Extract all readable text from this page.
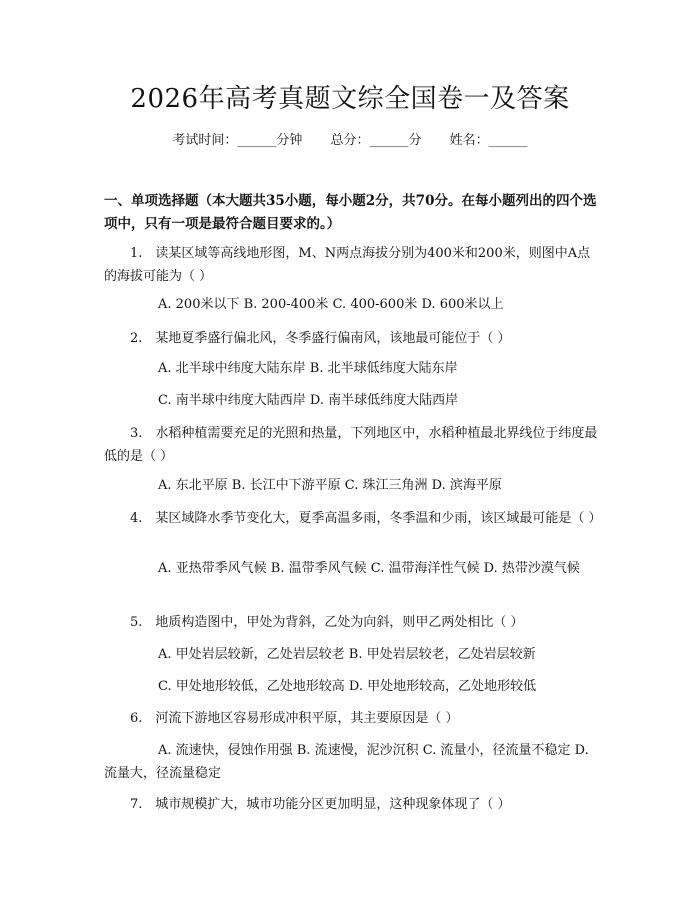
2026年高考真题文综全国卷一及答案
考试时间：______分钟 总分：______分 姓名：______
一、单项选择题（本大题共35小题，每小题2分，共70分。在每小题列出的四个选项中，只有一项是最符合题目要求的。）
1.　读某区域等高线地形图，M、N两点海拔分别为400米和200米，则图中A点的海拔可能为（ ）
A. 200米以下 B. 200-400米 C. 400-600米 D. 600米以上
2.　某地夏季盛行偏北风，冬季盛行偏南风，该地最可能位于（ ）
A. 北半球中纬度大陆东岸 B. 北半球低纬度大陆东岸
C. 南半球中纬度大陆西岸 D. 南半球低纬度大陆西岸
3.　水稻种植需要充足的光照和热量，下列地区中，水稻种植最北界线位于纬度最低的是（ ）
A. 东北平原 B. 长江中下游平原 C. 珠江三角洲 D. 滨海平原
4.　某区域降水季节变化大，夏季高温多雨，冬季温和少雨，该区域最可能是（ ）
A. 亚热带季风气候 B. 温带季风气候 C. 温带海洋性气候 D. 热带沙漠气候
5.　地质构造图中，甲处为背斜，乙处为向斜，则甲乙两处相比（ ）
A. 甲处岩层较新，乙处岩层较老 B. 甲处岩层较老，乙处岩层较新
C. 甲处地形较低，乙处地形较高 D. 甲处地形较高，乙处地形较低
6.　河流下游地区容易形成冲积平原，其主要原因是（ ）
A. 流速快，侵蚀作用强 B. 流速慢，泥沙沉积 C. 流量小，径流量不稳定 D. 流量大，径流量稳定
7.　城市规模扩大，城市功能分区更加明显，这种现象体现了（ ）
